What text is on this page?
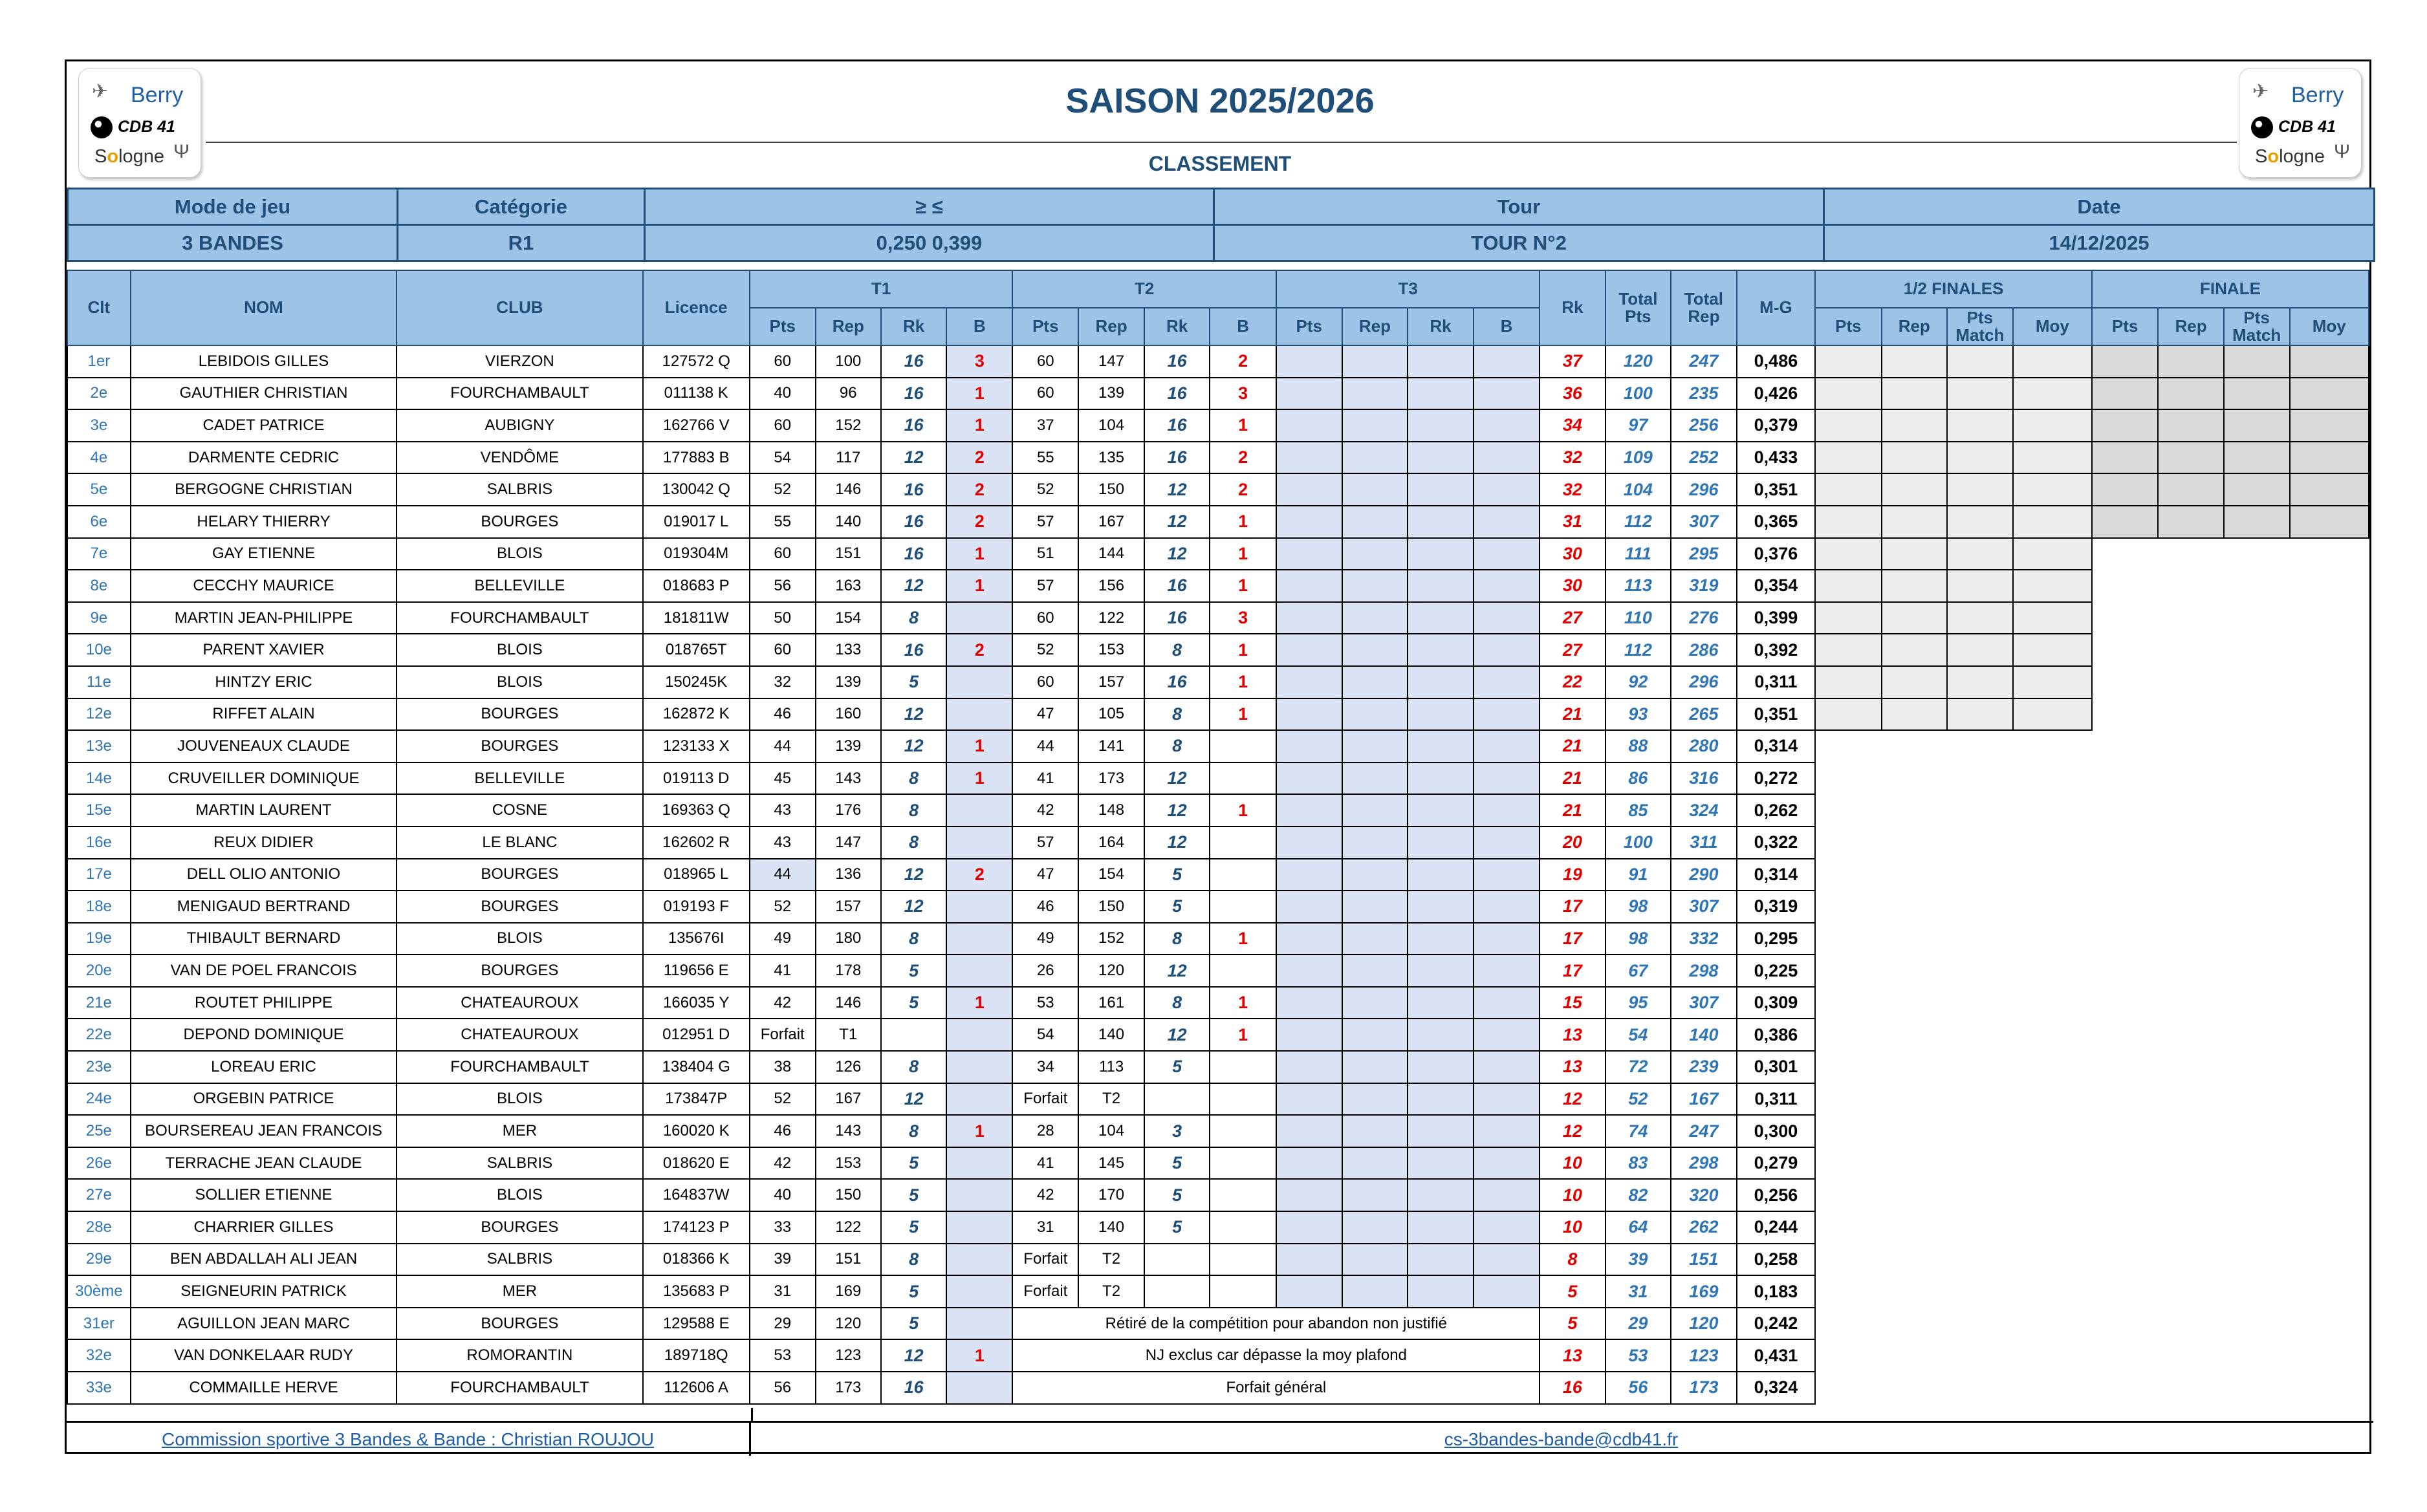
✈ Berry
CDB 41
Sologne Ψ
✈ Berry
CDB 41
Sologne Ψ
SAISON 2025/2026
CLASSEMENT
Mode de jeu	Catégorie	≥ ≤	Tour	Date
3 BANDES	R1	0,250 0,399	TOUR N°2	14/12/2025
Clt	NOM	CLUB	Licence	T1				T2				T3				Rk	Total Pts	Total Rep	M-G	1/2 FINALES				FINALE			
				Pts	Rep	Rk	B	Pts	Rep	Rk	B	Pts	Rep	Rk	B					Pts	Rep	Pts Match	Moy	Pts	Rep	Pts Match	Moy
1er	LEBIDOIS GILLES	VIERZON	127572 Q	60	100	16	3	60	147	16	2					37	120	247	0,486								
2e	GAUTHIER CHRISTIAN	FOURCHAMBAULT	011138 K	40	96	16	1	60	139	16	3					36	100	235	0,426								
3e	CADET PATRICE	AUBIGNY	162766 V	60	152	16	1	37	104	16	1					34	97	256	0,379								
4e	DARMENTE CEDRIC	VENDÔME	177883 B	54	117	12	2	55	135	16	2					32	109	252	0,433								
5e	BERGOGNE CHRISTIAN	SALBRIS	130042 Q	52	146	16	2	52	150	12	2					32	104	296	0,351								
6e	HELARY THIERRY	BOURGES	019017 L	55	140	16	2	57	167	12	1					31	112	307	0,365								
7e	GAY ETIENNE	BLOIS	019304M	60	151	16	1	51	144	12	1					30	111	295	0,376								
8e	CECCHY MAURICE	BELLEVILLE	018683 P	56	163	12	1	57	156	16	1					30	113	319	0,354								
9e	MARTIN JEAN-PHILIPPE	FOURCHAMBAULT	181811W	50	154	8		60	122	16	3					27	110	276	0,399								
10e	PARENT XAVIER	BLOIS	018765T	60	133	16	2	52	153	8	1					27	112	286	0,392								
11e	HINTZY ERIC	BLOIS	150245K	32	139	5		60	157	16	1					22	92	296	0,311								
12e	RIFFET ALAIN	BOURGES	162872 K	46	160	12		47	105	8	1					21	93	265	0,351								
13e	JOUVENEAUX CLAUDE	BOURGES	123133 X	44	139	12	1	44	141	8						21	88	280	0,314								
14e	CRUVEILLER DOMINIQUE	BELLEVILLE	019113 D	45	143	8	1	41	173	12						21	86	316	0,272								
15e	MARTIN LAURENT	COSNE	169363 Q	43	176	8		42	148	12	1					21	85	324	0,262								
16e	REUX DIDIER	LE BLANC	162602 R	43	147	8		57	164	12						20	100	311	0,322								
17e	DELL OLIO ANTONIO	BOURGES	018965 L	44	136	12	2	47	154	5						19	91	290	0,314								
18e	MENIGAUD BERTRAND	BOURGES	019193 F	52	157	12		46	150	5						17	98	307	0,319								
19e	THIBAULT BERNARD	BLOIS	135676I	49	180	8		49	152	8	1					17	98	332	0,295								
20e	VAN DE POEL FRANCOIS	BOURGES	119656 E	41	178	5		26	120	12						17	67	298	0,225								
21e	ROUTET PHILIPPE	CHATEAUROUX	166035 Y	42	146	5	1	53	161	8	1					15	95	307	0,309								
22e	DEPOND DOMINIQUE	CHATEAUROUX	012951 D	Forfait	T1			54	140	12	1					13	54	140	0,386								
23e	LOREAU ERIC	FOURCHAMBAULT	138404 G	38	126	8		34	113	5						13	72	239	0,301								
24e	ORGEBIN PATRICE	BLOIS	173847P	52	167	12		Forfait	T2							12	52	167	0,311								
25e	BOURSEREAU JEAN FRANCOIS	MER	160020 K	46	143	8	1	28	104	3						12	74	247	0,300								
26e	TERRACHE JEAN CLAUDE	SALBRIS	018620 E	42	153	5		41	145	5						10	83	298	0,279								
27e	SOLLIER ETIENNE	BLOIS	164837W	40	150	5		42	170	5						10	82	320	0,256								
28e	CHARRIER GILLES	BOURGES	174123 P	33	122	5		31	140	5						10	64	262	0,244								
29e	BEN ABDALLAH ALI JEAN	SALBRIS	018366 K	39	151	8		Forfait	T2							8	39	151	0,258								
30ème	SEIGNEURIN PATRICK	MER	135683 P	31	169	5		Forfait	T2							5	31	169	0,183								
31er	AGUILLON JEAN MARC	BOURGES	129588 E	29	120	5		Rétiré de la compétition pour abandon non justifié								5	29	120	0,242								
32e	VAN DONKELAAR RUDY	ROMORANTIN	189718Q	53	123	12	1	NJ exclus car dépasse la moy plafond								13	53	123	0,431								
33e	COMMAILLE HERVE	FOURCHAMBAULT	112606 A	56	173	16		Forfait général								16	56	173	0,324								
Commission sportive 3 Bandes & Bande : Christian ROUJOU	cs-3bandes-bande@cdb41.fr
